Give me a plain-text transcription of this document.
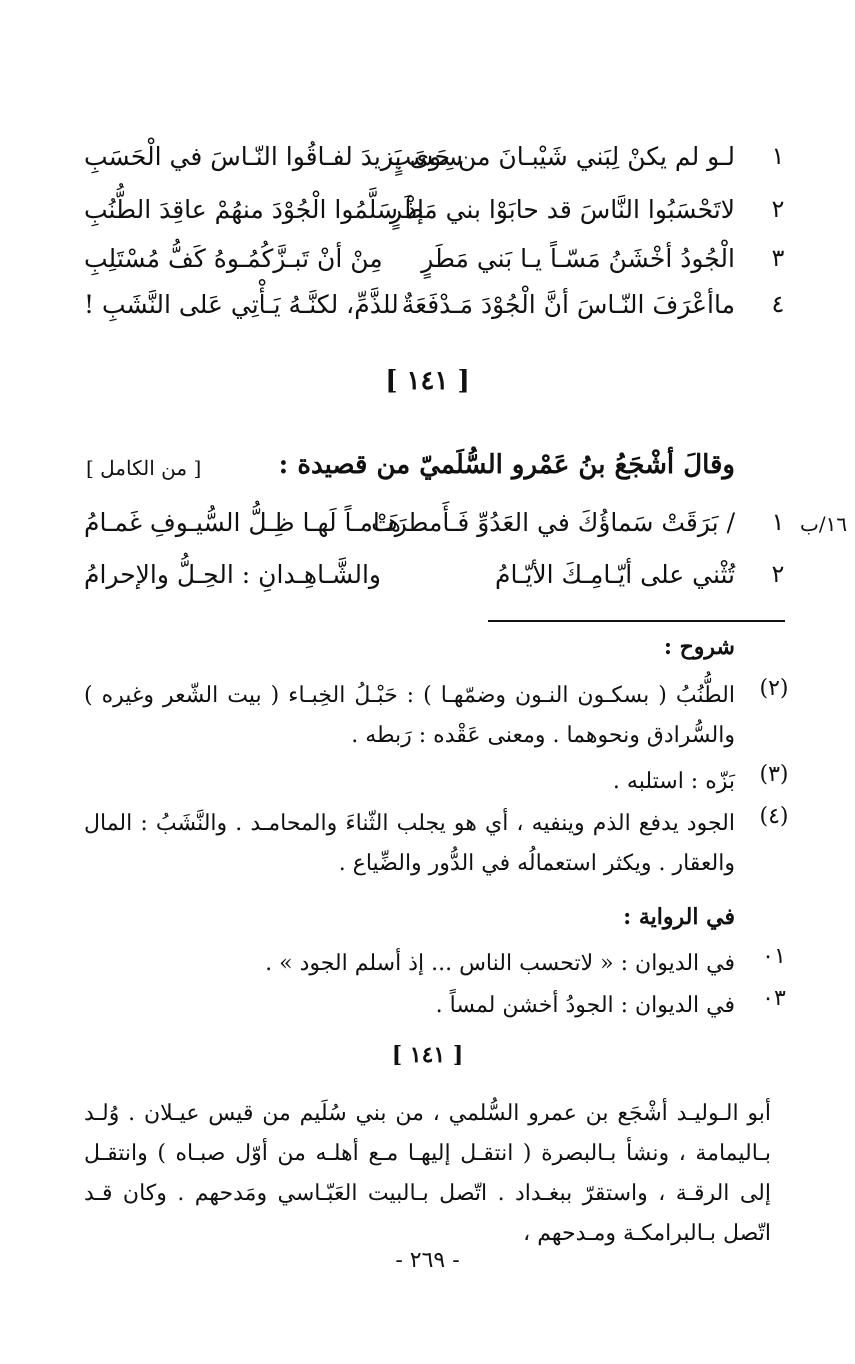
١
لـو لم يكنْ لِبَني شَيْبـانَ من حَسَبٍ
سِوى يَزيدَ لفـاقُوا النّـاسَ في الْحَسَبِ
٢
لاتَحْسَبُوا النَّاسَ قد حابَوْا بني مَطَرٍ
إذْ سَلَّمُوا الْجُوْدَ منهُمْ عاقِدَ الطُّنُبِ
٣
الْجُودُ أخْشَنُ مَسّـاً يـا بَني مَطَرٍ
مِنْ أنْ تَبـزَّكُمُـوهُ كَفُّ مُسْتَلِبِ
٤
ماأعْرَفَ النّـاسَ أنَّ الْجُوْدَ مَـدْفَعَةٌ
للذَّمِّ، لكنَّـهُ يَـأْتِي عَلى النَّشَبِ !
[ ١٤١ ]
وقالَ أشْجَعُ بنُ عَمْرو السُّلَميّ من قصيدة :
[ من الكامل ]
١٦/ب
١
/ بَرَقَتْ سَماؤُكَ في العَدُوِّ فَـأَمطرَتْ
هَـامـاً لَهـا ظِـلُّ السُّيـوفِ غَمـامُ
٢
تُثْني على أيّـامِـكَ الأيّـامُ
والشَّـاهِـدانِ : الحِـلُّ والإحرامُ
شروح :
(٢)
الطُّنُبُ ( بسكـون النـون وضمّهـا ) : حَبْـلُ الخِبـاء ( بيت الشّعر وغيره ) والسُّرادق ونحوهما . ومعنى عَقْده : رَبطه .
(٣)
بَزّه : استلبه .
(٤)
الجود يدفع الذم وينفيه ، أي هو يجلب الثّناءَ والمحامـد . والنَّشَبُ : المال والعقار . ويكثر استعمالُه في الدُّور والضِّياع .
في الرواية :
٠١
في الديوان : « لاتحسب الناس ... إذ أسلم الجود » .
٠٣
في الديوان : الجودُ أخشن لمساً .
[ ١٤١ ]
أبو الـوليـد أشْجَع بن عمرو السُّلمي ، من بني سُلَيم من قيس عيـلان . وُلـد بـاليمامة ، ونشأ بـالبصرة ( انتقـل إليهـا مـع أهلـه من أوّل صبـاه ) وانتقـل إلى الرقـة ، واستقرّ ببغـداد . اتّصل بـالبيت العَبّـاسي ومَدحهم . وكان قـد اتّصل بـالبرامكـة ومـدحهم ،
- ٢٦٩ -
